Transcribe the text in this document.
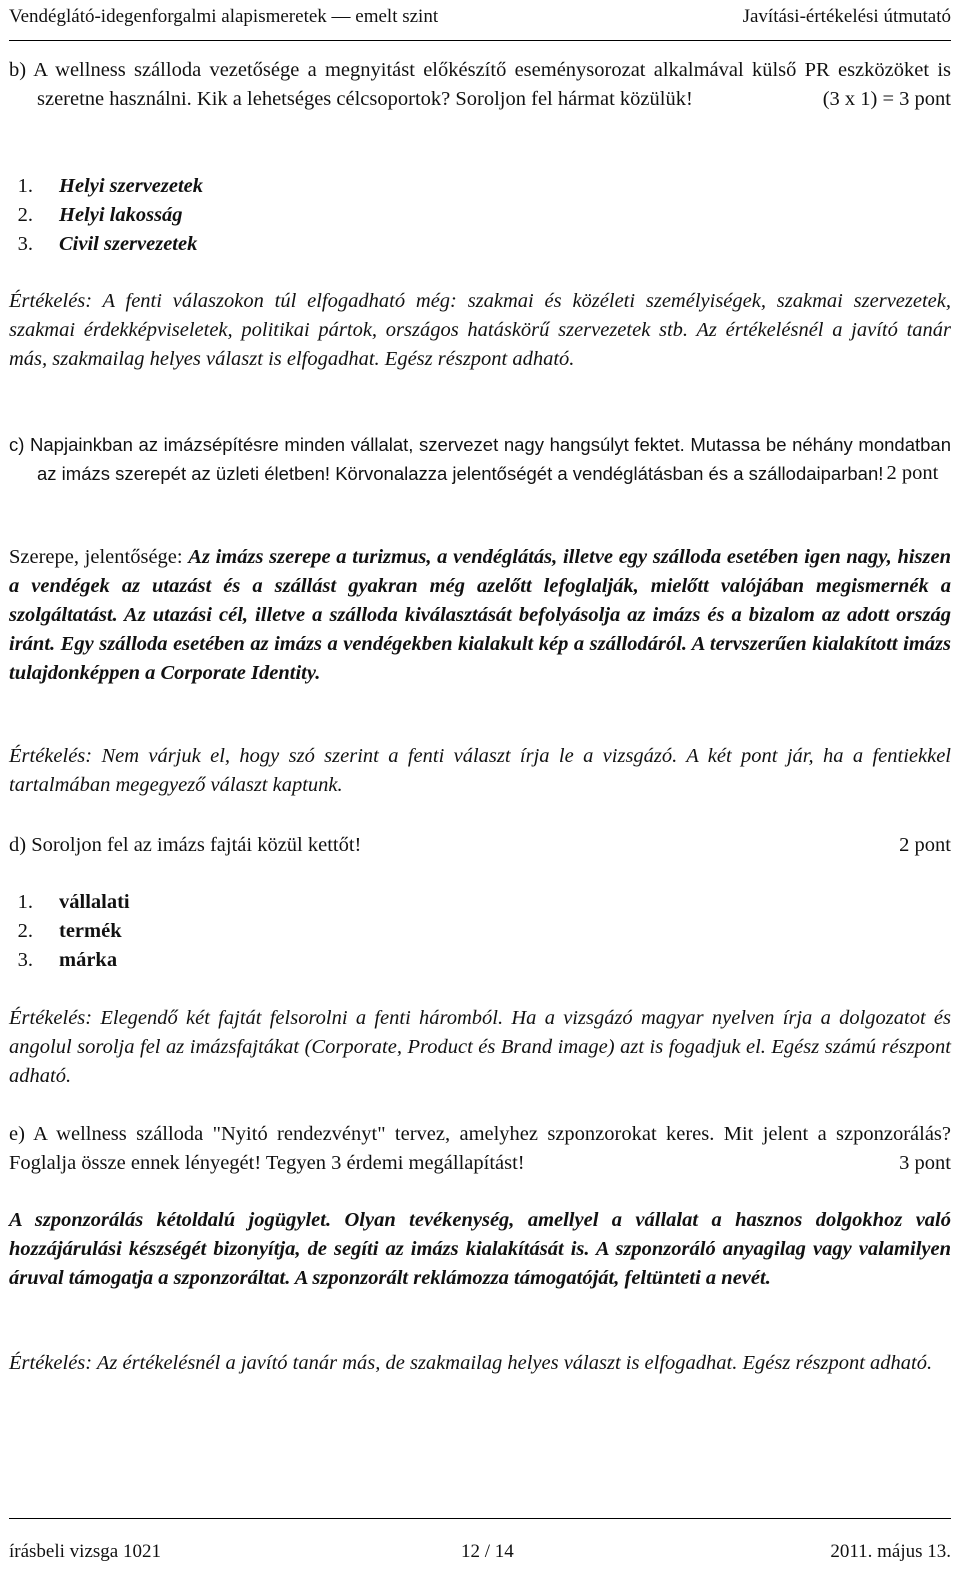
Vendéglátó-idegenforgalmi alapismeretek — emelt szint	Javítási-értékelési útmutató

b) A wellness szálloda vezetősége a megnyitást előkészítő eseménysorozat alkalmával külső PR eszközöket is szeretne használni. Kik a lehetséges célcsoportok? Soroljon fel hármat közülük!	(3 x 1) = 3 pont

1. Helyi szervezetek
2. Helyi lakosság
3. Civil szervezetek

Értékelés: A fenti válaszokon túl elfogadható még: szakmai és közéleti személyiségek, szakmai szervezetek, szakmai érdekképviseletek, politikai pártok, országos hatáskörű szervezetek stb. Az értékelésnél a javító tanár más, szakmailag helyes választ is elfogadhat. Egész részpont adható.

c) Napjainkban az imázsépítésre minden vállalat, szervezet nagy hangsúlyt fektet. Mutassa be néhány mondatban az imázs szerepét az üzleti életben! Körvonalazza jelentőségét a vendéglátásban és a szállodaiparban! 2 pont

Szerepe, jelentősége: Az imázs szerepe a turizmus, a vendéglátás, illetve egy szálloda esetében igen nagy, hiszen a vendégek az utazást és a szállást gyakran még azelőtt lefoglalják, mielőtt valójában megismernék a szolgáltatást. Az utazási cél, illetve a szálloda kiválasztását befolyásolja az imázs és a bizalom az adott ország iránt. Egy szálloda esetében az imázs a vendégekben kialakult kép a szállodáról. A tervszerűen kialakított imázs tulajdonképpen a Corporate Identity.

Értékelés: Nem várjuk el, hogy szó szerint a fenti választ írja le a vizsgázó. A két pont jár, ha a fentiekkel tartalmában megegyező választ kaptunk.

d) Soroljon fel az imázs fajtái közül kettőt!	2 pont

1. vállalati
2. termék
3. márka

Értékelés: Elegendő két fajtát felsorolni a fenti háromból. Ha a vizsgázó magyar nyelven írja a dolgozatot és angolul sorolja fel az imázsfajtákat (Corporate, Product és Brand image) azt is fogadjuk el. Egész számú részpont adható.

e) A wellness szálloda "Nyitó rendezvényt" tervez, amelyhez szponzorokat keres. Mit jelent a szponzorálás? Foglalja össze ennek lényegét! Tegyen 3 érdemi megállapítást!	3 pont

A szponzorálás kétoldalú jogügylet. Olyan tevékenység, amellyel a vállalat a hasznos dolgokhoz való hozzájárulási készségét bizonyítja, de segíti az imázs kialakítását is. A szponzoráló anyagilag vagy valamilyen áruval támogatja a szponzoráltat. A szponzorált reklámozza támogatóját, feltünteti a nevét.

Értékelés: Az értékelésnél a javító tanár más, de szakmailag helyes választ is elfogadhat. Egész részpont adható.

írásbeli vizsga 1021	12 / 14	2011. május 13.
